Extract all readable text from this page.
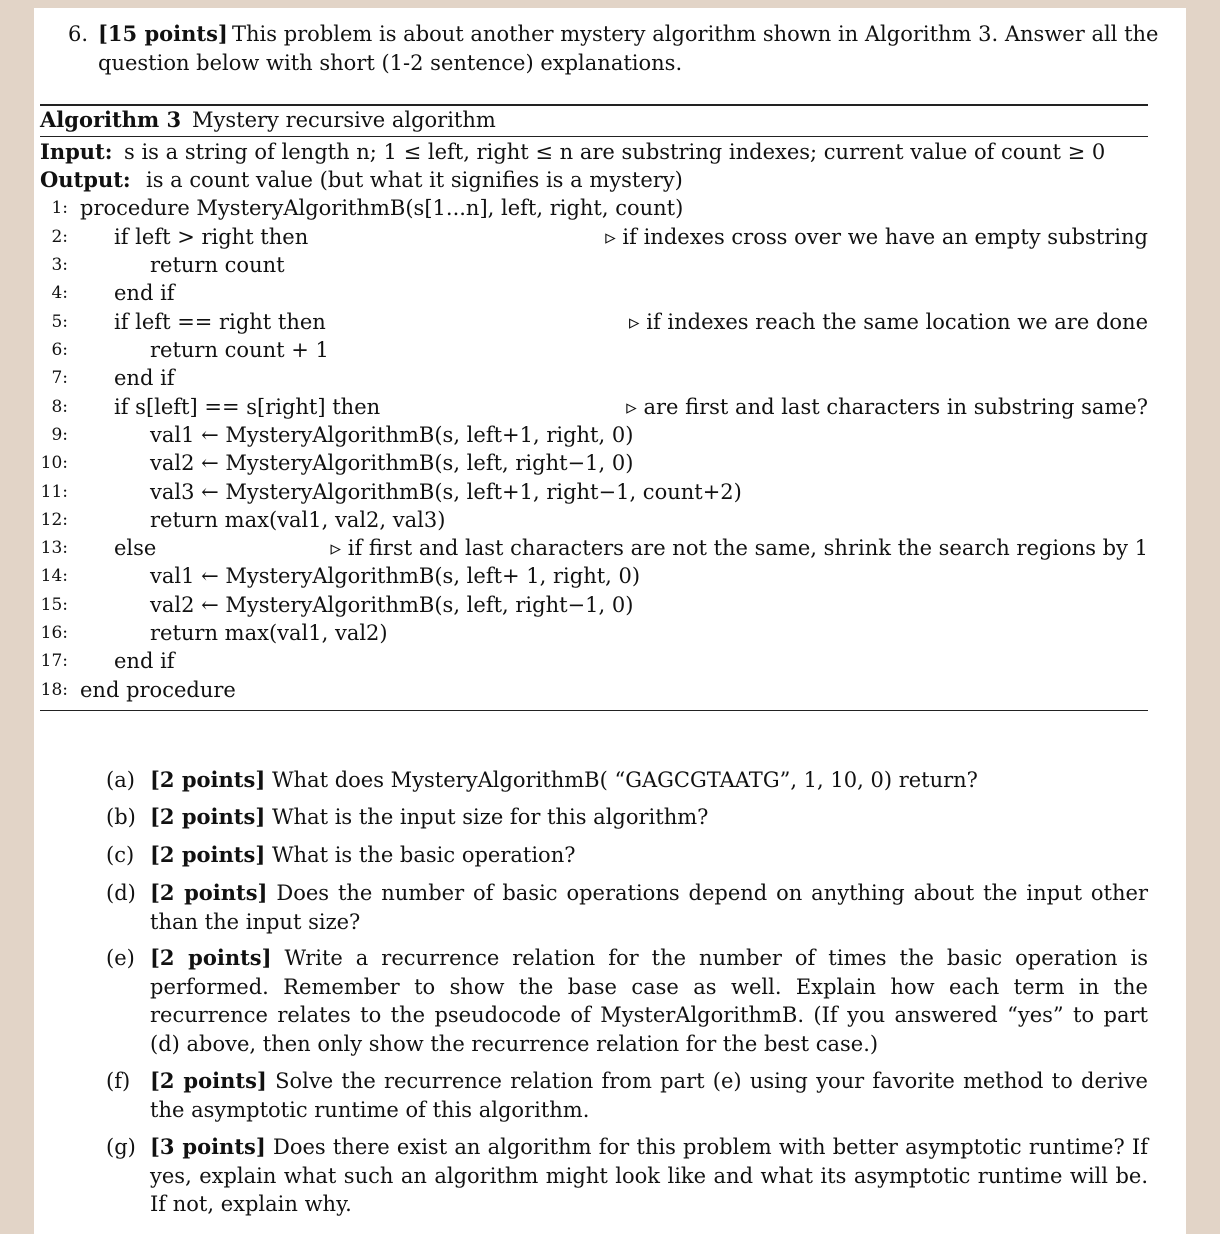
6. [15 points] This problem is about another mystery algorithm shown in Algorithm 3. Answer all the
question below with short (1-2 sentence) explanations.
Algorithm 3 Mystery recursive algorithm
Input: s is a string of length n; 1 ≤ left, right ≤ n are substring indexes; current value of count ≥ 0
Output: is a count value (but what it signifies is a mystery)
1:
2:
3:
4:
5:
6:
7:
8:
9:
10:
11:
12:
13:
14:
15:
16:
17:
18:
procedure MysteryAlgorithmB(s[1...n], left, right, count)
if left > right then
return count
end if
if left == right then
return count + 1
end if
if s[left] == s[right] then
val1 ← MysteryAlgorithmB(s, left+1, right, 0)
val2 ← MysteryAlgorithmB(s, left, right−1, 0)
val3 ← MysteryAlgorithmB(s, left+1, right−1, count+2)
return max(val1, val2, val3)
else
val1 ← MysteryAlgorithmB(s, left+ 1, right, 0)
val2 ← MysteryAlgorithmB(s, left, right−1, 0)
return max(val1, val2)
end if
end procedure
▹ if indexes cross over we have an empty substring
▹ if indexes reach the same location we are done
▹ are first and last characters in substring same?
▹ if first and last characters are not the same, shrink the search regions by 1
(a) [2 points] What does MysteryAlgorithmB( “GAGCGTAATG”, 1, 10, 0) return?
(b) [2 points] What is the input size for this algorithm?
(c) [2 points] What is the basic operation?
(d) [2 points] Does the number of basic operations depend on anything about the input other than the input size?
(e) [2 points] Write a recurrence relation for the number of times the basic operation is performed. Remember to show the base case as well. Explain how each term in the recurrence relates to the pseudocode of MysterAlgorithmB. (If you answered “yes” to part (d) above, then only show the recurrence relation for the best case.)
(f) [2 points] Solve the recurrence relation from part (e) using your favorite method to derive the asymptotic runtime of this algorithm.
(g) [3 points] Does there exist an algorithm for this problem with better asymptotic runtime? If yes, explain what such an algorithm might look like and what its asymptotic runtime will be. If not, explain why.
